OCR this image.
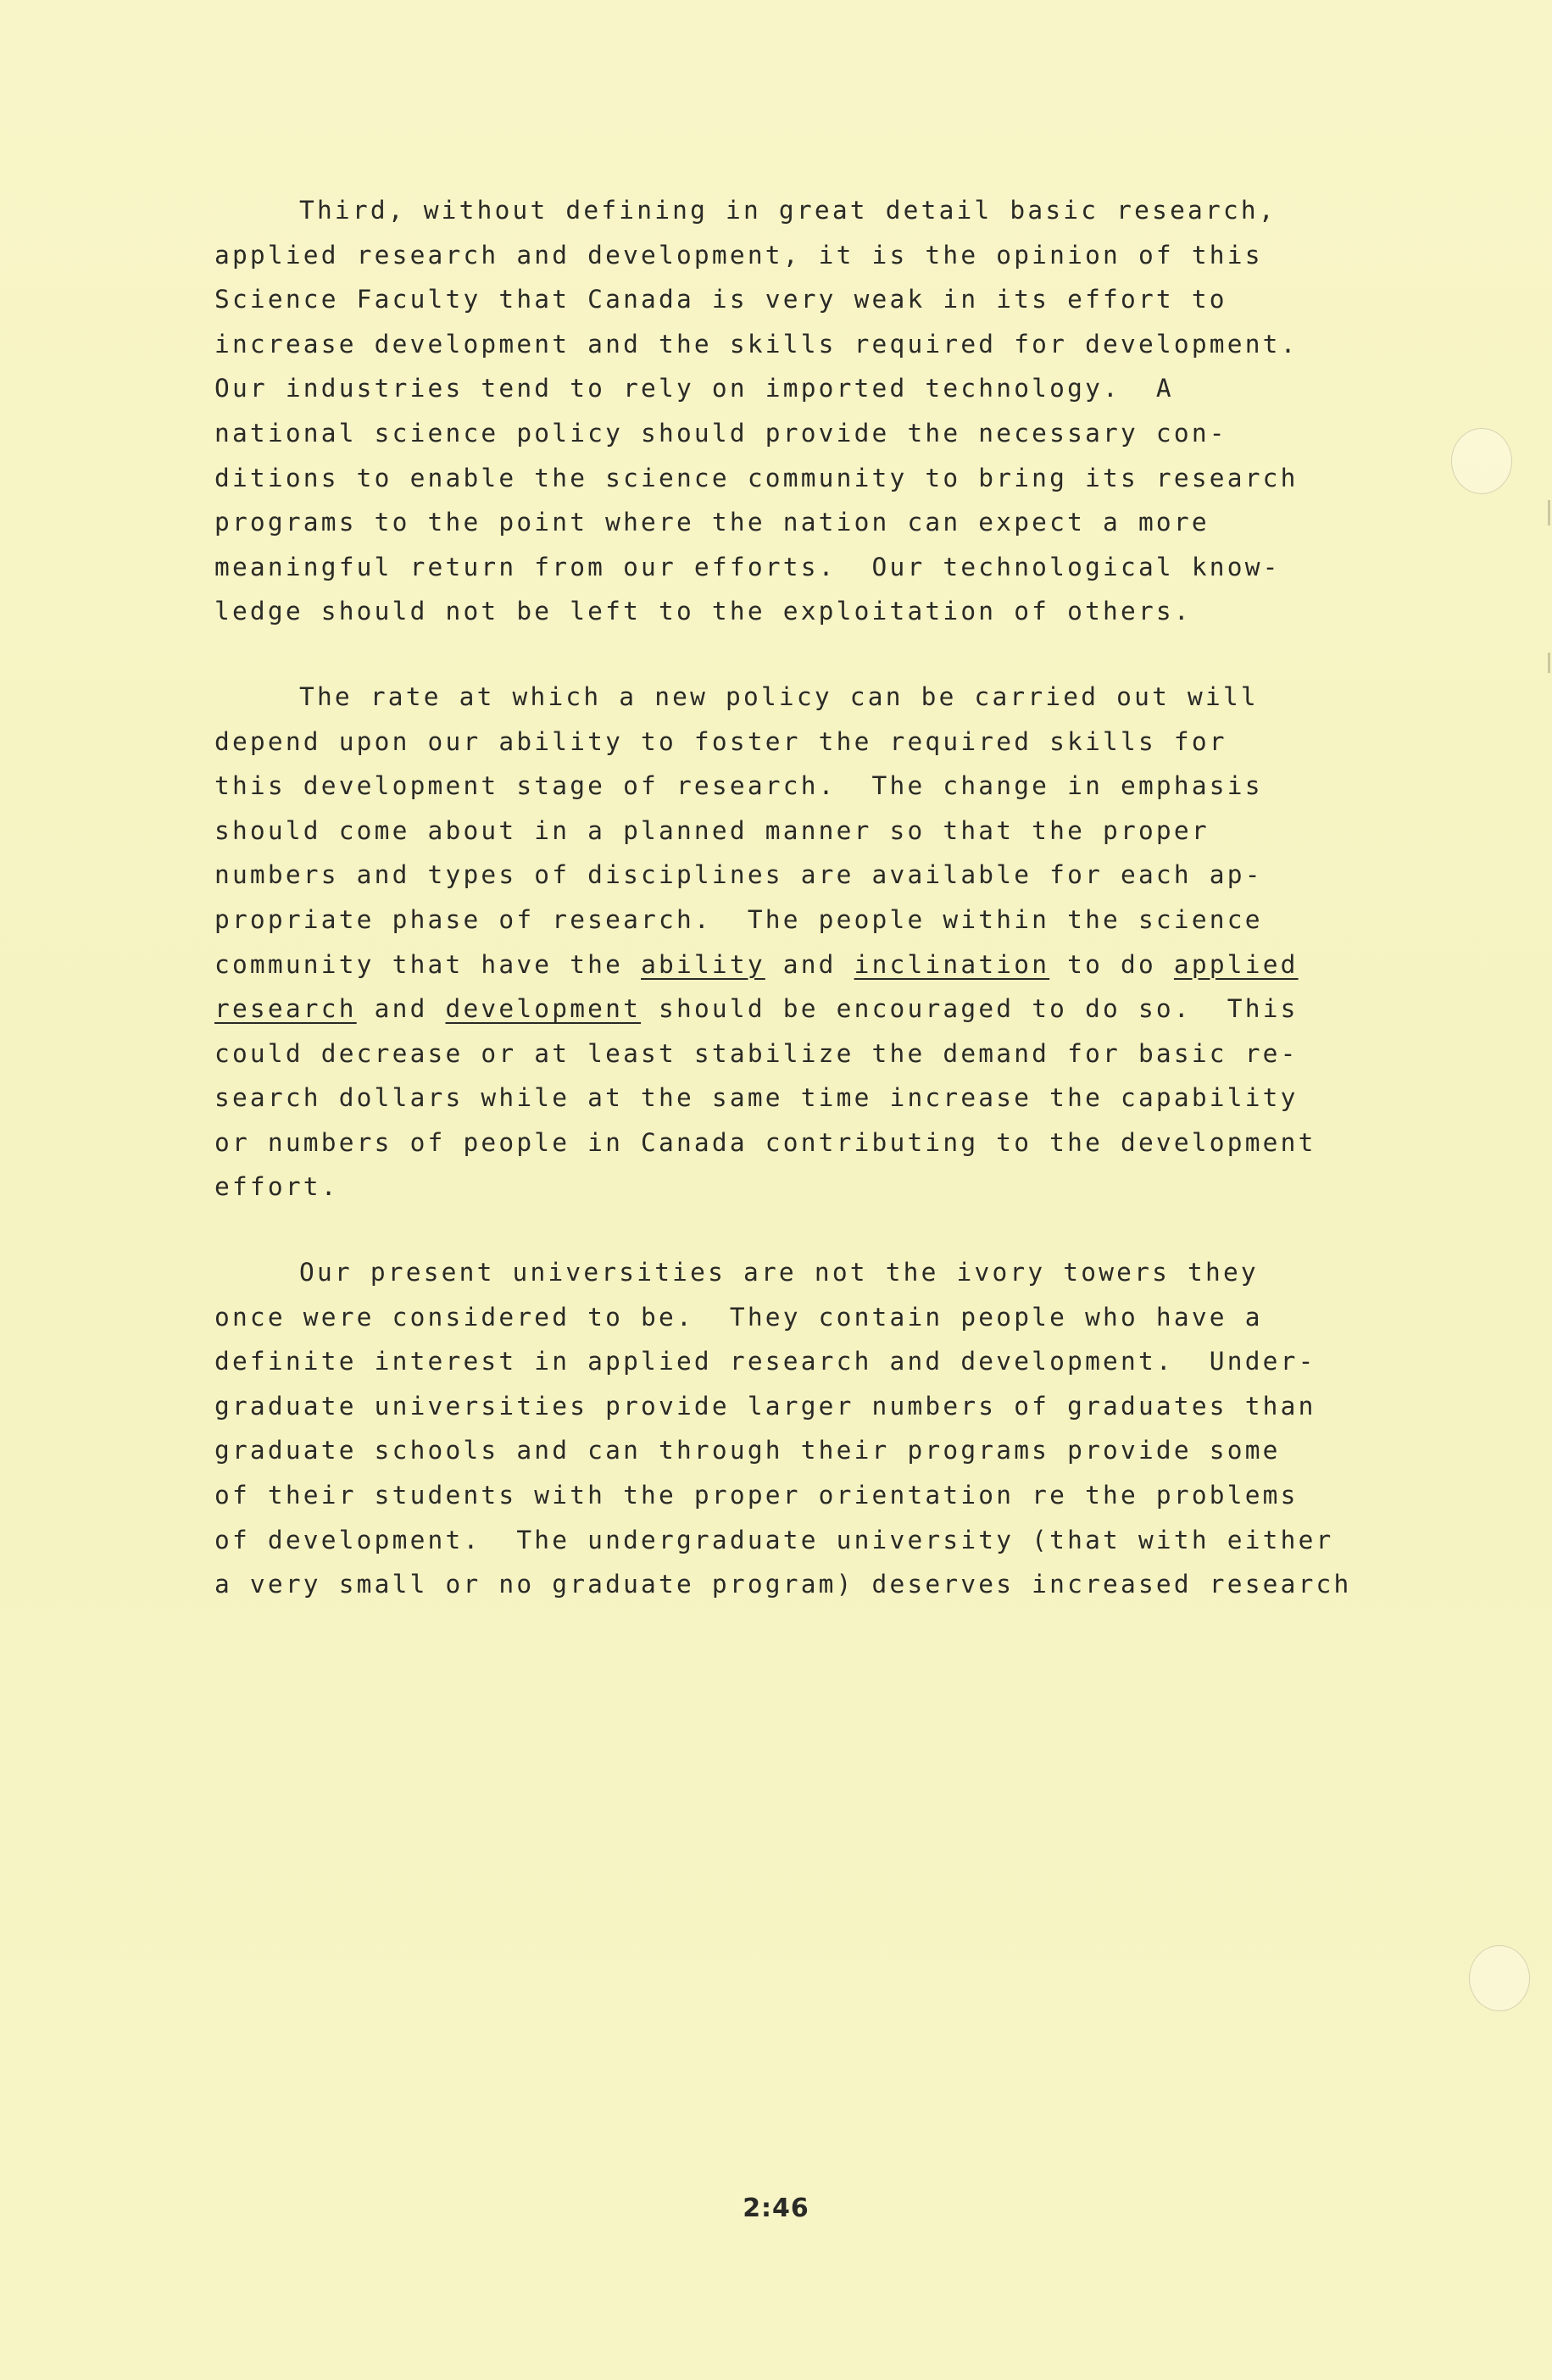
Third, without defining in great detail basic research,
applied research and development, it is the opinion of this
Science Faculty that Canada is very weak in its effort to
increase development and the skills required for development.
Our industries tend to rely on imported technology.  A
national science policy should provide the necessary con-
ditions to enable the science community to bring its research
programs to the point where the nation can expect a more
meaningful return from our efforts.  Our technological know-
ledge should not be left to the exploitation of others.
The rate at which a new policy can be carried out will
depend upon our ability to foster the required skills for
this development stage of research.  The change in emphasis
should come about in a planned manner so that the proper
numbers and types of disciplines are available for each ap-
propriate phase of research.  The people within the science
community that have the ability and inclination to do applied
research and development should be encouraged to do so.  This
could decrease or at least stabilize the demand for basic re-
search dollars while at the same time increase the capability
or numbers of people in Canada contributing to the development
effort.
Our present universities are not the ivory towers they
once were considered to be.  They contain people who have a
definite interest in applied research and development.  Under-
graduate universities provide larger numbers of graduates than
graduate schools and can through their programs provide some
of their students with the proper orientation re the problems
of development.  The undergraduate university (that with either
a very small or no graduate program) deserves increased research
2:46
